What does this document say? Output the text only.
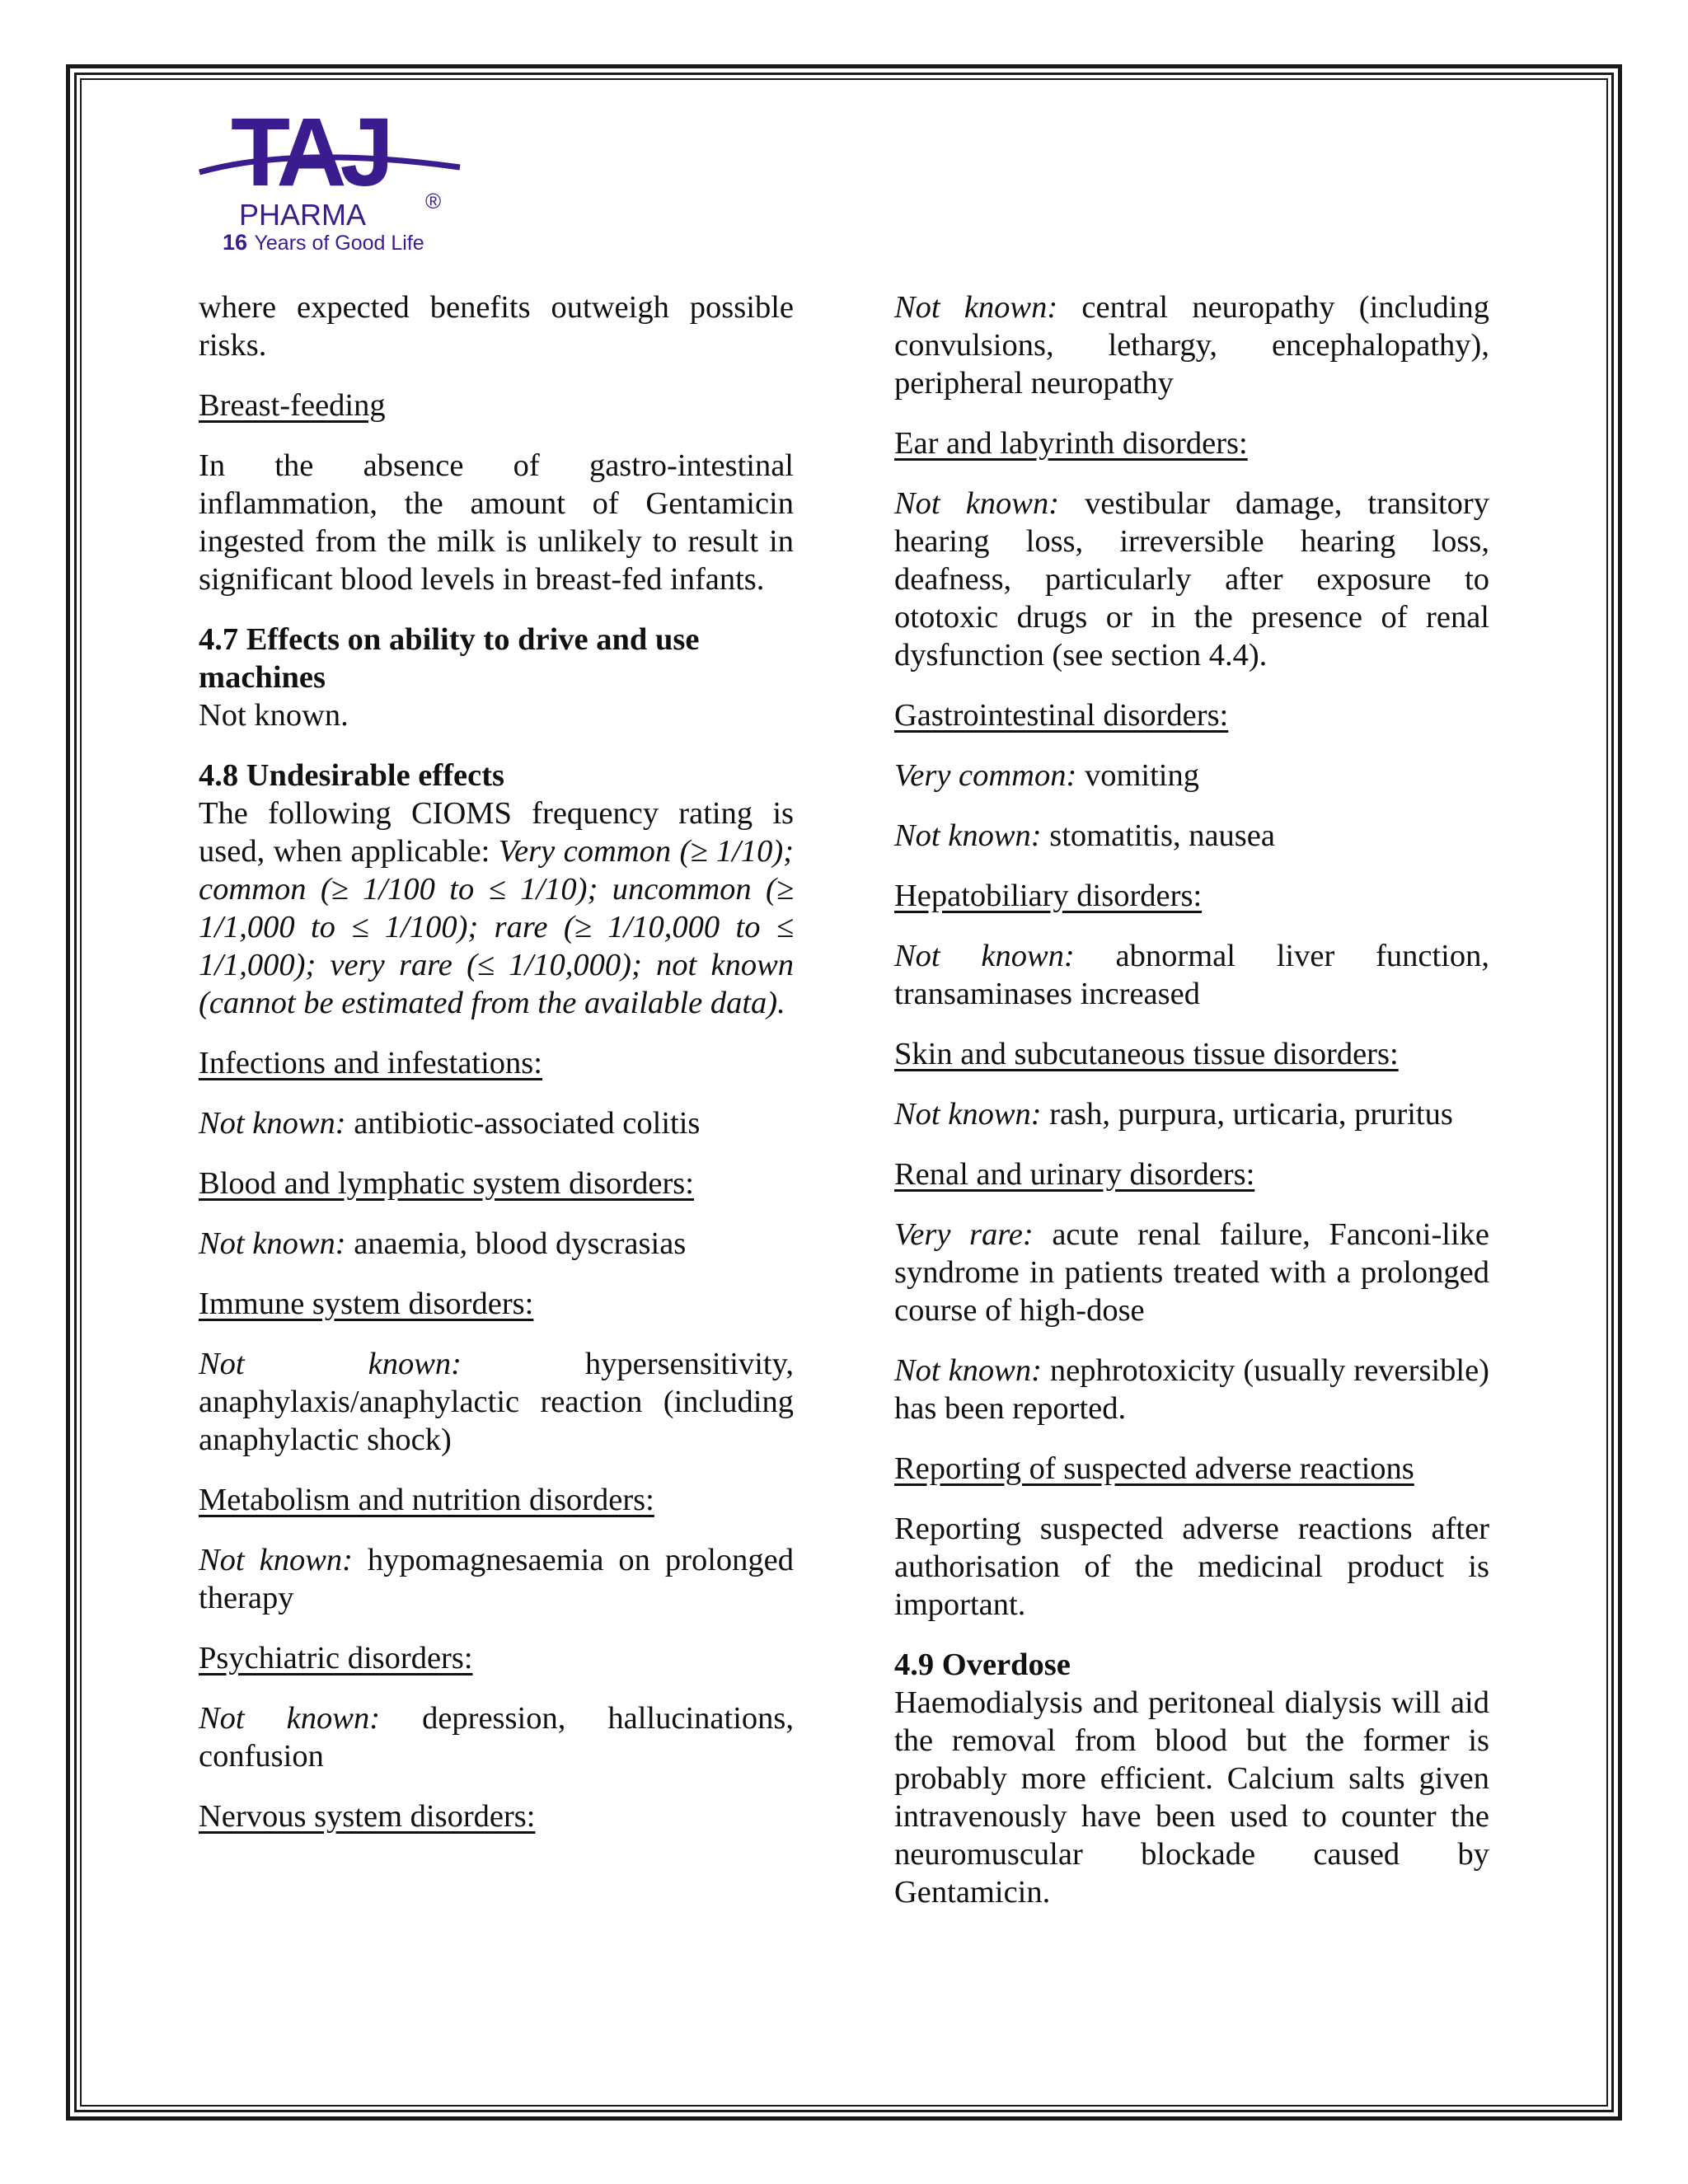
TAJ ®
PHARMA
16 Years of Good Life

where expected benefits outweigh possible risks.

Breast-feeding

In the absence of gastro-intestinal inflammation, the amount of Gentamicin ingested from the milk is unlikely to result in significant blood levels in breast-fed infants.

4.7 Effects on ability to drive and use machines

Not known.

4.8 Undesirable effects

The following CIOMS frequency rating is used, when applicable: Very common (≥ 1/10); common (≥ 1/100 to ≤ 1/10); uncommon (≥ 1/1,000 to ≤ 1/100); rare (≥ 1/10,000 to ≤ 1/1,000); very rare (≤ 1/10,000); not known (cannot be estimated from the available data).

Infections and infestations:

Not known: antibiotic-associated colitis

Blood and lymphatic system disorders:

Not known: anaemia, blood dyscrasias

Immune system disorders:

Not known: hypersensitivity, anaphylaxis/anaphylactic reaction (including anaphylactic shock)

Metabolism and nutrition disorders:

Not known: hypomagnesaemia on prolonged therapy

Psychiatric disorders:

Not known: depression, hallucinations, confusion

Nervous system disorders:

Not known: central neuropathy (including convulsions, lethargy, encephalopathy), peripheral neuropathy

Ear and labyrinth disorders:

Not known: vestibular damage, transitory hearing loss, irreversible hearing loss, deafness, particularly after exposure to ototoxic drugs or in the presence of renal dysfunction (see section 4.4).

Gastrointestinal disorders:

Very common: vomiting

Not known: stomatitis, nausea

Hepatobiliary disorders:

Not known: abnormal liver function, transaminases increased

Skin and subcutaneous tissue disorders:

Not known: rash, purpura, urticaria, pruritus

Renal and urinary disorders:

Very rare: acute renal failure, Fanconi-like syndrome in patients treated with a prolonged course of high-dose

Not known: nephrotoxicity (usually reversible) has been reported.

Reporting of suspected adverse reactions

Reporting suspected adverse reactions after authorisation of the medicinal product is important.

4.9 Overdose

Haemodialysis and peritoneal dialysis will aid the removal from blood but the former is probably more efficient. Calcium salts given intravenously have been used to counter the neuromuscular blockade caused by Gentamicin.
